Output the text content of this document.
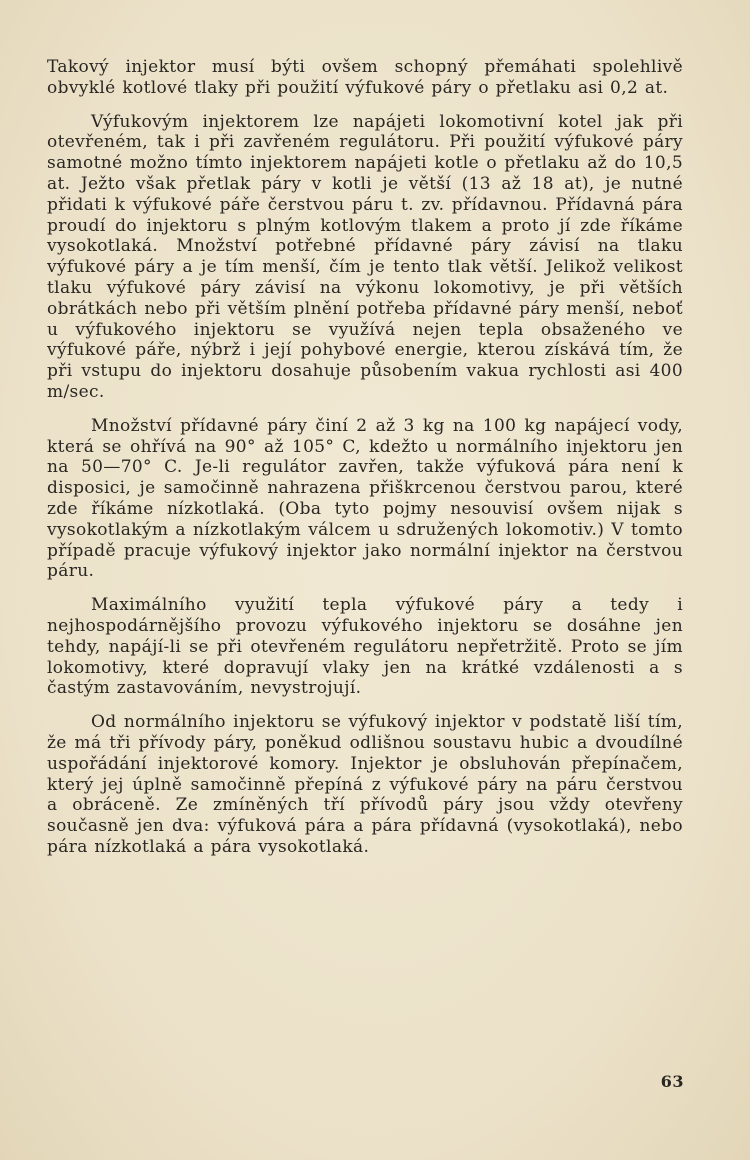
Takový injektor musí býti ovšem schopný přemáhati spolehlivě obvyklé kotlové tlaky při použití výfukové páry o přetlaku asi 0,2 at.

Výfukovým injektorem lze napájeti lokomotivní kotel jak při otevřeném, tak i při zavřeném regulátoru. Při použití výfukové páry samotné možno tímto injektorem napájeti kotle o přetlaku až do 10,5 at. Ježto však přetlak páry v kotli je větší (13 až 18 at), je nutné přidati k výfukové páře čerstvou páru t. zv. přídavnou. Přídavná pára proudí do injektoru s plným kotlovým tlakem a proto jí zde říkáme vysokotlaká. Množství potřebné přídavné páry závisí na tlaku výfukové páry a je tím menší, čím je tento tlak větší. Jelikož velikost tlaku výfukové páry závisí na výkonu lokomotivy, je při větších obrátkách nebo při větším plnění potřeba přídavné páry menší, neboť u výfukového injektoru se využívá nejen tepla obsaženého ve výfukové páře, nýbrž i její pohybové energie, kterou získává tím, že při vstupu do injektoru dosahuje působením vakua rychlosti asi 400 m/sec.

Množství přídavné páry činí 2 až 3 kg na 100 kg napájecí vody, která se ohřívá na 90° až 105° C, kdežto u normálního injektoru jen na 50—70° C. Je-li regulátor zavřen, takže výfuková pára není k disposici, je samočinně nahrazena přiškrcenou čerstvou parou, které zde říkáme nízkotlaká. (Oba tyto pojmy nesouvisí ovšem nijak s vysokotlakým a nízkotlakým válcem u sdružených lokomotiv.) V tomto případě pracuje výfukový injektor jako normální injektor na čerstvou páru.

Maximálního využití tepla výfukové páry a tedy i nejhospodárnějšího provozu výfukového injektoru se dosáhne jen tehdy, napájí-li se při otevřeném regulátoru nepřetržitě. Proto se jím lokomotivy, které dopravují vlaky jen na krátké vzdálenosti a s častým zastavováním, nevystrojují.

Od normálního injektoru se výfukový injektor v podstatě liší tím, že má tři přívody páry, poněkud odlišnou soustavu hubic a dvoudílné uspořádání injektorové komory. Injektor je obsluhován přepínačem, který jej úplně samočinně přepíná z výfukové páry na páru čerstvou a obráceně. Ze zmíněných tří přívodů páry jsou vždy otevřeny současně jen dva: výfuková pára a pára přídavná (vysokotlaká), nebo pára nízkotlaká a pára vysokotlaká.

63
